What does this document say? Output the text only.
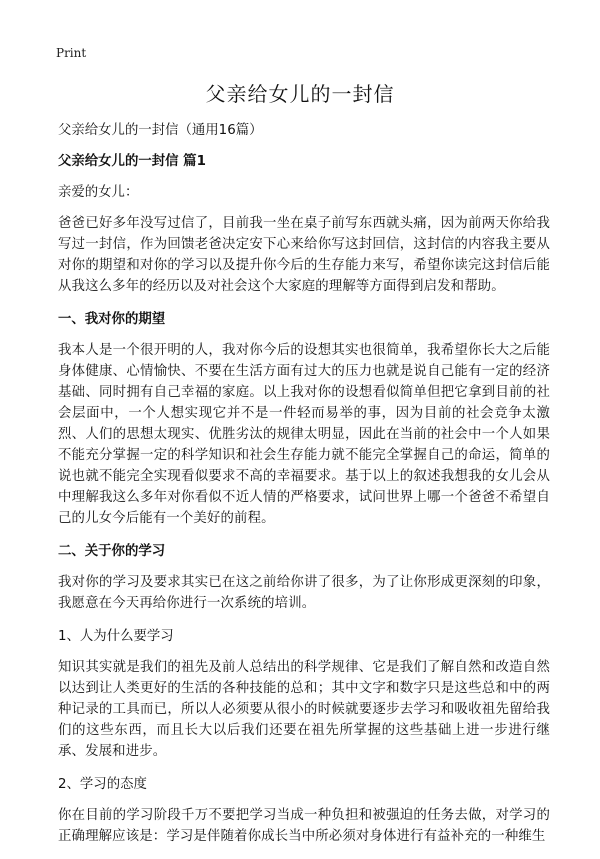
Print
父亲给女儿的一封信

父亲给女儿的一封信（通用16篇）

父亲给女儿的一封信 篇1

亲爱的女儿：

爸爸已好多年没写过信了，目前我一坐在桌子前写东西就头痛，因为前两天你给我写过一封信，作为回馈老爸决定安下心来给你写这封回信，这封信的内容我主要从对你的期望和对你的学习以及提升你今后的生存能力来写，希望你读完这封信后能从我这么多年的经历以及对社会这个大家庭的理解等方面得到启发和帮助。

一、我对你的期望

我本人是一个很开明的人，我对你今后的设想其实也很简单，我希望你长大之后能身体健康、心情愉快、不要在生活方面有过大的压力也就是说自己能有一定的经济基础、同时拥有自己幸福的家庭。以上我对你的设想看似简单但把它拿到目前的社会层面中，一个人想实现它并不是一件轻而易举的事，因为目前的社会竞争太激烈、人们的思想太现实、优胜劣汰的规律太明显，因此在当前的社会中一个人如果不能充分掌握一定的科学知识和社会生存能力就不能完全掌握自己的命运，简单的说也就不能完全实现看似要求不高的幸福要求。基于以上的叙述我想我的女儿会从中理解我这么多年对你看似不近人情的严格要求，试问世界上哪一个爸爸不希望自己的儿女今后能有一个美好的前程。

二、关于你的学习

我对你的学习及要求其实已在这之前给你讲了很多，为了让你形成更深刻的印象，我愿意在今天再给你进行一次系统的培训。

1、人为什么要学习

知识其实就是我们的祖先及前人总结出的科学规律、它是我们了解自然和改造自然以达到让人类更好的生活的各种技能的总和；其中文字和数字只是这些总和中的两种记录的工具而已，所以人必须要从很小的时候就要逐步去学习和吸收祖先留给我们的这些东西，而且长大以后我们还要在祖先所掌握的这些基础上进一步进行继承、发展和进步。

2、学习的态度

你在目前的学习阶段千万不要把学习当成一种负担和被强迫的任务去做，对学习的正确理解应该是：学习是伴随着你成长当中所必须对身体进行有益补充的一种维生
